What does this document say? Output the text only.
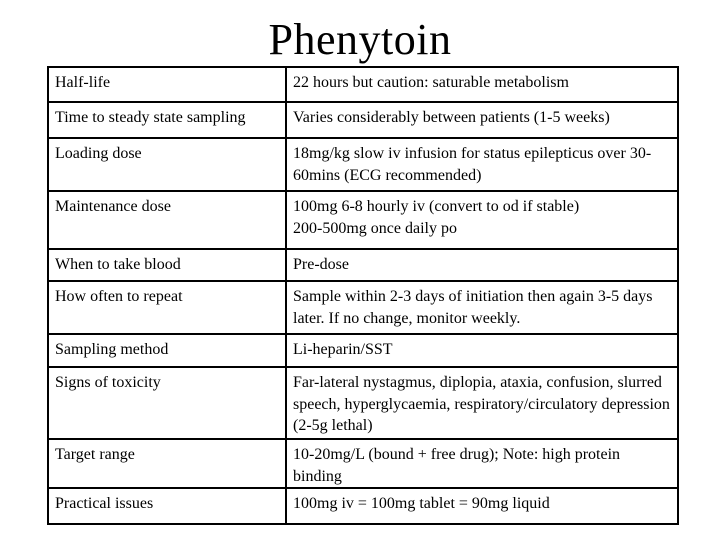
Phenytoin
Half-life	22 hours but caution: saturable metabolism

Time to steady state sampling	Varies considerably between patients (1-5 weeks)

Loading dose	18mg/kg slow iv infusion for status epilepticus over 30-60mins (ECG recommended)

Maintenance dose	100mg 6-8 hourly iv (convert to od if stable)
200-500mg once daily po

When to take blood	Pre-dose

How often to repeat	Sample within 2-3 days of initiation then again 3-5 days later. If no change, monitor weekly.

Sampling method	Li-heparin/SST

Signs of toxicity	Far-lateral nystagmus, diplopia, ataxia, confusion, slurred speech, hyperglycaemia, respiratory/circulatory depression (2-5g lethal)

Target range	10-20mg/L (bound + free drug); Note: high protein binding

Practical issues	100mg iv = 100mg tablet = 90mg liquid
